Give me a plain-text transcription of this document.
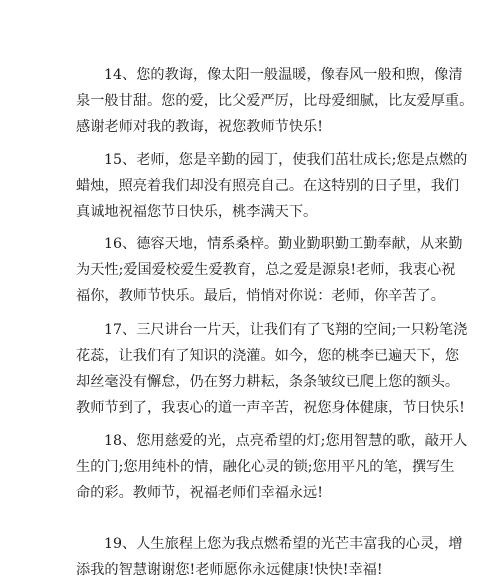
14、您的教诲，像太阳一般温暖，像春风一般和煦，像清
泉一般甘甜。您的爱，比父爱严厉，比母爱细腻，比友爱厚重。
感谢老师对我的教诲，祝您教师节快乐!
15、老师，您是辛勤的园丁，使我们茁壮成长;您是点燃的
蜡烛，照亮着我们却没有照亮自己。在这特别的日子里，我们
真诚地祝福您节日快乐，桃李满天下。
16、德容天地，情系桑梓。勤业勤职勤工勤奉献，从来勤
为天性;爱国爱校爱生爱教育，总之爱是源泉!老师，我衷心祝
福你，教师节快乐。最后，悄悄对你说：老师，你辛苦了。
17、三尺讲台一片天，让我们有了飞翔的空间;一只粉笔浇
花蕊，让我们有了知识的浇灌。如今，您的桃李已遍天下，您
却丝毫没有懈怠，仍在努力耕耘，条条皱纹已爬上您的额头。
教师节到了，我衷心的道一声辛苦，祝您身体健康，节日快乐!
18、您用慈爱的光，点亮希望的灯;您用智慧的歌，敲开人
生的门;您用纯朴的情，融化心灵的锁;您用平凡的笔，撰写生
命的彩。教师节，祝福老师们幸福永远!
19、人生旅程上您为我点燃希望的光芒丰富我的心灵，增
添我的智慧谢谢您!老师愿你永远健康!快快!幸福!
